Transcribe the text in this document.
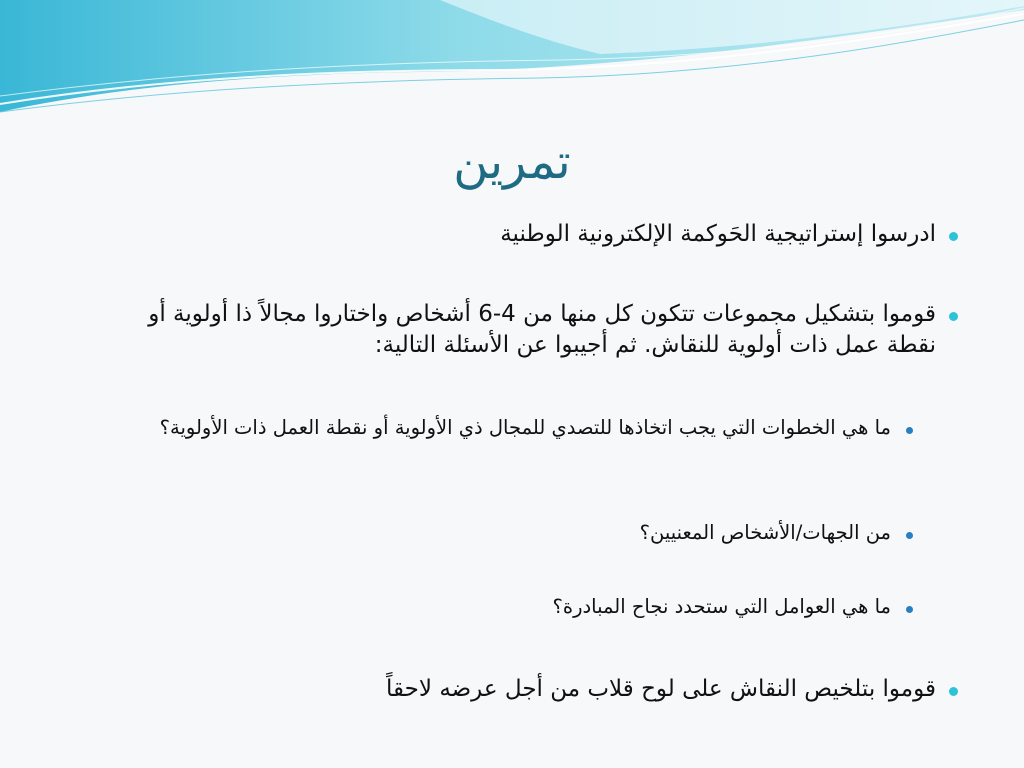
تمرين
ادرسوا إستراتيجية الحَوكمة الإلكترونية الوطنية
قوموا بتشكيل مجموعات تتكون كل منها من 4-6 أشخاص واختاروا مجالاً ذا أولوية أو نقطة عمل ذات أولوية للنقاش. ثم أجيبوا عن الأسئلة التالية:
ما هي الخطوات التي يجب اتخاذها للتصدي للمجال ذي الأولوية أو نقطة العمل ذات الأولوية؟
من الجهات/الأشخاص المعنيين؟
ما هي العوامل التي ستحدد نجاح المبادرة؟
قوموا بتلخيص النقاش على لوح قلاب من أجل عرضه لاحقاً
